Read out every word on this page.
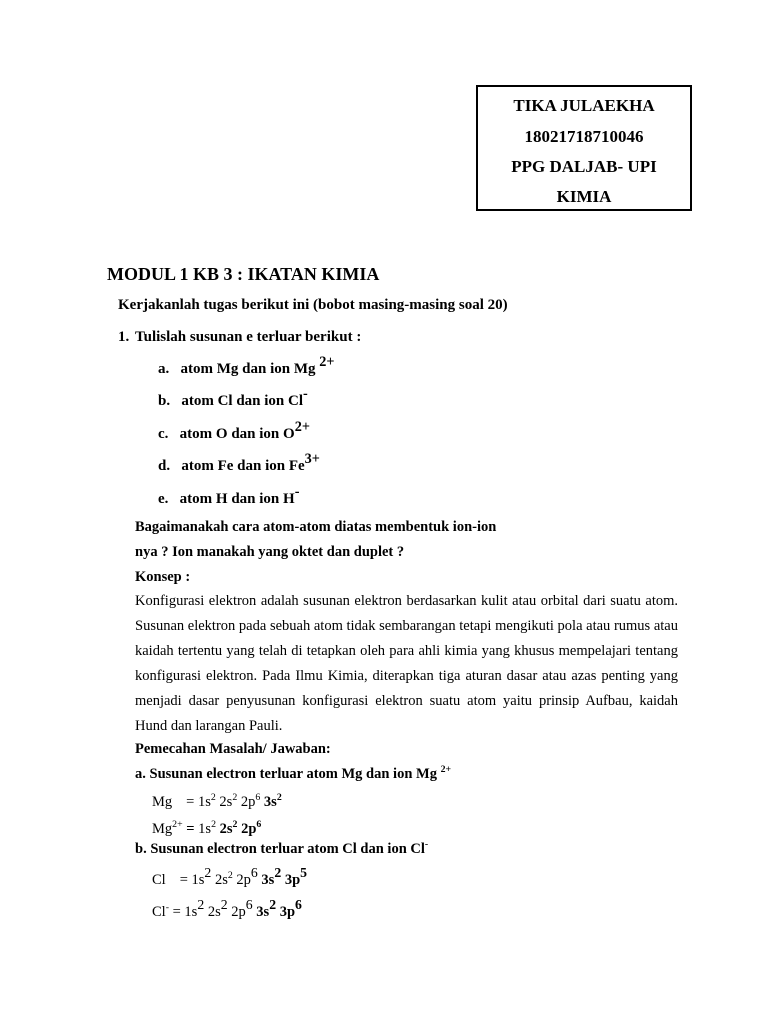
TIKA JULAEKHA
18021718710046
PPG DALJAB- UPI
KIMIA
MODUL 1 KB 3 : IKATAN KIMIA
Kerjakanlah tugas berikut ini (bobot masing-masing soal 20)
1. Tulislah susunan e terluar berikut :
a. atom Mg dan ion Mg $^{2+}$
b. atom Cl dan ion Cl-
c. atom O dan ion $O^{2+}$
d. atom Fe dan ion $Fe^{3+}$
e. atom H dan ion H-
Bagaimanakah cara atom-atom diatas membentuk ion-ion
nya ? Ion manakah yang oktet dan duplet ?
Konsep :
Konfigurasi elektron adalah susunan elektron berdasarkan kulit atau orbital dari suatu atom. Susunan elektron pada sebuah atom tidak sembarangan tetapi mengikuti pola atau rumus atau kaidah tertentu yang telah di tetapkan oleh para ahli kimia yang khusus mempelajari tentang konfigurasi elektron. Pada Ilmu Kimia, diterapkan tiga aturan dasar atau azas penting yang menjadi dasar penyusunan konfigurasi elektron suatu atom yaitu prinsip Aufbau, kaidah Hund dan larangan Pauli.
Pemecahan Masalah/ Jawaban:
a. Susunan electron terluar atom Mg dan ion Mg $^{2+}$
$Mg = 1s^2$ $2s^2$ $2p^6$ $3s^2$
$Mg^{2+} = 1s^2$ $2s^2$ $2p^6$
b. Susunan electron terluar atom Cl dan ion Cl-
$Cl = 1s^2$ $2s^2$ $2p^6$ $3s^2$ $3p^5$
$Cl^- = 1s^2$ $2s^2$ $2p^6$ $3s^2$ $3p^6$
